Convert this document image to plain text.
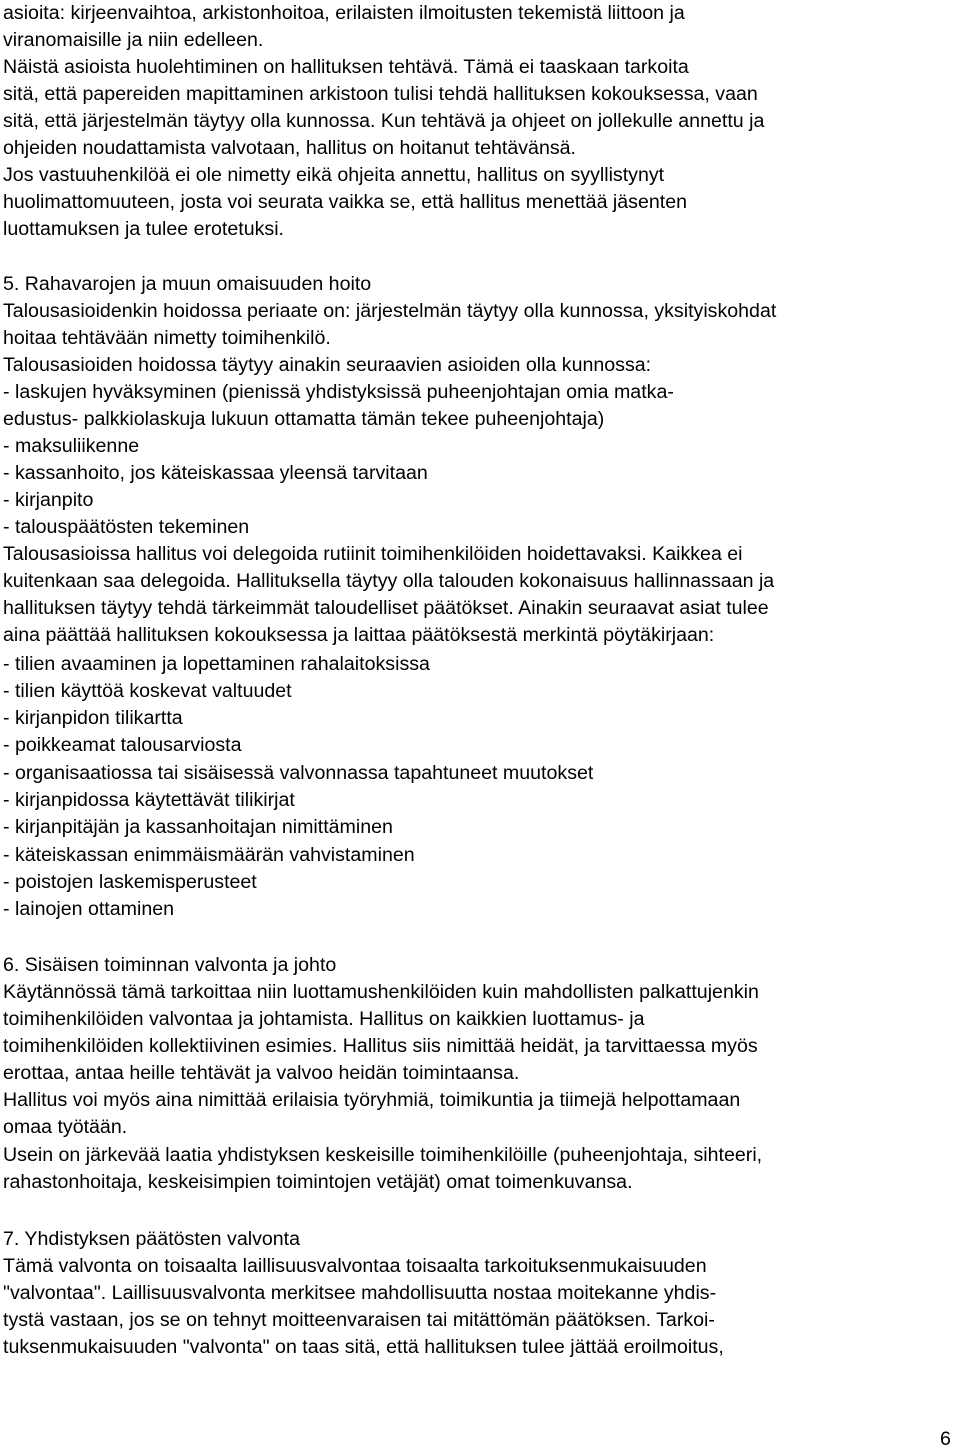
asioita: kirjeenvaihtoa, arkistonhoitoa, erilaisten ilmoitusten tekemistä liittoon ja
viranomaisille ja niin edelleen.
Näistä asioista huolehtiminen on hallituksen tehtävä. Tämä ei taaskaan tarkoita
sitä, että papereiden mapittaminen arkistoon tulisi tehdä hallituksen kokouksessa, vaan
sitä, että järjestelmän täytyy olla kunnossa. Kun tehtävä ja ohjeet on jollekulle annettu ja
ohjeiden noudattamista valvotaan, hallitus on hoitanut tehtävänsä.
Jos vastuuhenkilöä ei ole nimetty eikä ohjeita annettu, hallitus on syyllistynyt
huolimattomuuteen, josta voi seurata vaikka se, että hallitus menettää jäsenten
luottamuksen ja tulee erotetuksi.
5. Rahavarojen ja muun omaisuuden hoito
Talousasioidenkin hoidossa periaate on: järjestelmän täytyy olla kunnossa, yksityiskohdat
hoitaa tehtävään nimetty toimihenkilö.
Talousasioiden hoidossa täytyy ainakin seuraavien asioiden olla kunnossa:
- laskujen hyväksyminen (pienissä yhdistyksissä puheenjohtajan omia matka-
edustus- palkkiolaskuja lukuun ottamatta tämän tekee puheenjohtaja)
- maksuliikenne
- kassanhoito, jos käteiskassaa yleensä tarvitaan
- kirjanpito
- talouspäätösten tekeminen
Talousasioissa hallitus voi delegoida rutiinit toimihenkilöiden hoidettavaksi. Kaikkea ei
kuitenkaan saa delegoida. Hallituksella täytyy olla talouden kokonaisuus hallinnassaan ja
hallituksen täytyy tehdä tärkeimmät taloudelliset päätökset. Ainakin seuraavat asiat tulee
aina päättää hallituksen kokouksessa ja laittaa päätöksestä merkintä pöytäkirjaan:
- tilien avaaminen ja lopettaminen rahalaitoksissa
- tilien käyttöä koskevat valtuudet
- kirjanpidon tilikartta
- poikkeamat talousarviosta
- organisaatiossa tai sisäisessä valvonnassa tapahtuneet muutokset
- kirjanpidossa käytettävät tilikirjat
- kirjanpitäjän ja kassanhoitajan nimittäminen
- käteiskassan enimmäismäärän vahvistaminen
- poistojen laskemisperusteet
- lainojen ottaminen
6. Sisäisen toiminnan valvonta ja johto
Käytännössä tämä tarkoittaa niin luottamushenkilöiden kuin mahdollisten palkattujenkin
toimihenkilöiden valvontaa ja johtamista. Hallitus on kaikkien luottamus- ja
toimihenkilöiden kollektiivinen esimies. Hallitus siis nimittää heidät, ja tarvittaessa myös
erottaa, antaa heille tehtävät ja valvoo heidän toimintaansa.
Hallitus voi myös aina nimittää erilaisia työryhmiä, toimikuntia ja tiimejä helpottamaan
omaa työtään.
Usein on järkevää laatia yhdistyksen keskeisille toimihenkilöille (puheenjohtaja, sihteeri,
rahastonhoitaja, keskeisimpien toimintojen vetäjät) omat toimenkuvansa.
7. Yhdistyksen päätösten valvonta
Tämä valvonta on toisaalta laillisuusvalvontaa toisaalta tarkoituksenmukaisuuden
"valvontaa". Laillisuusvalvonta merkitsee mahdollisuutta nostaa moitekanne yhdis-
tystä vastaan, jos se on tehnyt moitteenvaraisen tai mitättömän päätöksen. Tarkoi-
tuksenmukaisuuden "valvonta" on taas sitä, että hallituksen tulee jättää eroilmoitus,
6
